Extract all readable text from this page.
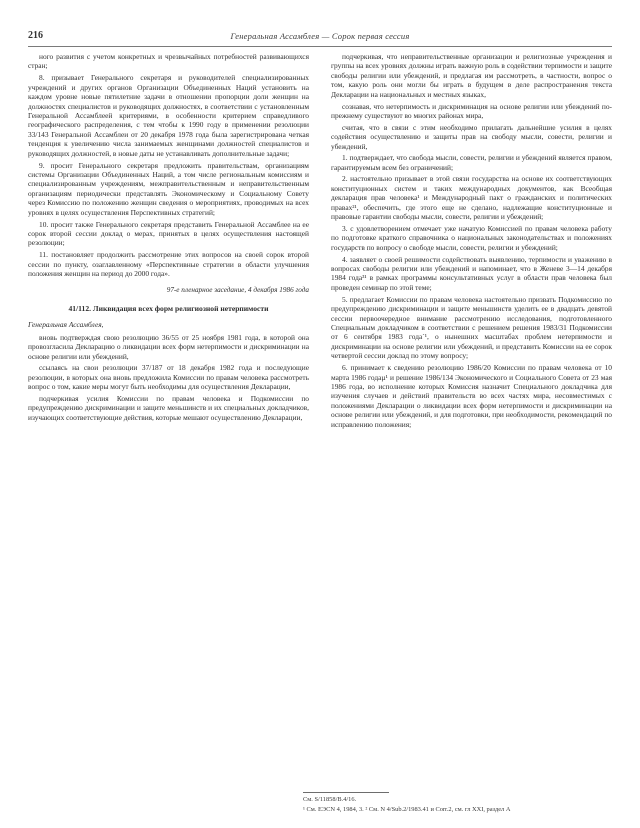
216	Генеральная Ассамблея — Сорок первая сессия

ного развития с учетом конкретных и чрезвычайных потребностей развивающихся стран;

8. призывает Генерального секретаря и руководителей специализированных учреждений и других органов Организации Объединенных Наций установить на каждом уровне новые пятилетние задачи в отношении пропорции доли женщин на должностях специалистов и руководящих должностях, в соответствии с установленным Генеральной Ассамблеей критериями, в особенности критерием справедливого географического распределения, с тем чтобы к 1990 году в применении резолюции 33/143 Генеральной Ассамблеи от 20 декабря 1978 года была зарегистрирована четкая тенденция к увеличению числа занимаемых женщинами должностей специалистов и руководящих должностей, в новые даты не устанавливать дополнительные задачи;

9. просит Генерального секретаря предложить правительствам, организациям системы Организации Объединенных Наций, а том числе региональным комиссиям и специализированным учреждениям, межправительственным и неправительственным организациям периодически представлять Экономическому и Социальному Совету через Комиссию по положению женщин сведения о мероприятиях, проводимых на всех уровнях в целях осуществления Перспективных стратегий;

10. просит также Генерального секретаря представить Генеральной Ассамблее на ее сорок второй сессии доклад о мерах, принятых в целях осуществления настоящей резолюции;

11. постановляет продолжить рассмотрение этих вопросов на своей сорок второй сессии по пункту, озаглавленному «Перспективные стратегии в области улучшения положения женщин на период до 2000 года».

97-е пленарное заседание, 4 декабря 1986 года

41/112. Ликвидация всех форм религиозной нетерпимости

Генеральная Ассамблея,

вновь подтверждая свою резолюцию 36/55 от 25 ноября 1981 года, в которой она провозгласила Декларацию о ликвидации всех форм нетерпимости и дискриминации на основе религии или убеждений,

ссылаясь на свои резолюции 37/187 от 18 декабря 1982 года и последующие резолюции, в которых она вновь предложила Комиссии по правам человека рассмотреть вопрос о том, какие меры могут быть необходимы для осуществления Декларации,

подчеркивая усилия Комиссии по правам человека и Подкомиссии по предупреждению дискриминации и защите меньшинств и их специальных докладчиков, изучающих соответствующие действия, которые мешают осуществлению Декларации,

подчеркивая, что неправительственные организации и религиозные учреждения и группы на всех уровнях должны играть важную роль в содействии терпимости и защите свободы религии или убеждений, и предлагая им рассмотреть, в частности, вопрос о том, какую роль они могли бы играть в будущем в деле распространения текста Декларации на национальных и местных языках,

сознавая, что нетерпимость и дискриминация на основе религии или убеждений по-прежнему существуют во многих районах мира,

считая, что в связи с этим необходимо прилагать дальнейшие усилия в целях содействия осуществлению и защиты прав на свободу мысли, совести, религии и убеждений,

1. подтверждает, что свобода мысли, совести, религии и убеждений является правом, гарантируемым всем без ограничений;

2. настоятельно призывает в этой связи государства на основе их соответствующих конституционных систем и таких международных документов, как Всеобщая декларация прав человека¹ и Международный пакт о гражданских и политических правах²¹, обеспечить, где этого еще не сделано, надлежащие конституционные и правовые гарантии свободы мысли, совести, религии и убеждений;

3. с удовлетворением отмечает уже начатую Комиссией по правам человека работу по подготовке краткого справочника о национальных законодательствах и положениях государств по вопросу о свободе мысли, совести, религии и убеждений;

4. заявляет о своей решимости содействовать выявлению, терпимости и уважению в вопросах свободы религии или убеждений и напоминает, что в Женеве 3—14 декабря 1984 года³¹ в рамках программы консультативных услуг в области прав человека был проведен семинар по этой теме;

5. предлагает Комиссии по правам человека настоятельно призвать Подкомиссию по предупреждению дискриминации и защите меньшинств уделить ее в двадцать девятой сессии первоочередное внимание рассмотрению исследования, подготовленного Специальным докладчиком в соответствии с решением решения 1983/31 Подкомиссии от 6 сентября 1983 года´¹, о нынешних масштабах проблем нетерпимости и дискриминации на основе религии или убеждений, и представить Комиссии на ее сорок четвертой сессии доклад по этому вопросу;

6. принимает к сведению резолюцию 1986/20 Комиссии по правам человека от 10 марта 1986 годаµ¹ и решение 1986/134 Экономического и Социального Совета от 23 мая 1986 года, во исполнение которых Комиссия назначит Специального докладчика для изучения случаев и действий правительств во всех частях мира, несовместимых с положениями Декларации о ликвидации всех форм нетерпимости и дискриминации на основе религии или убеждений, и для подготовки, при необходимости, рекомендаций по исправлению положения;

См. S/11858/B.4/16.

¹ См. ЕЭСN 4, 1984, 3. ² См. N 4/Sub.2/1983.41 и Corr.2, см. гл XXI, раздел A
